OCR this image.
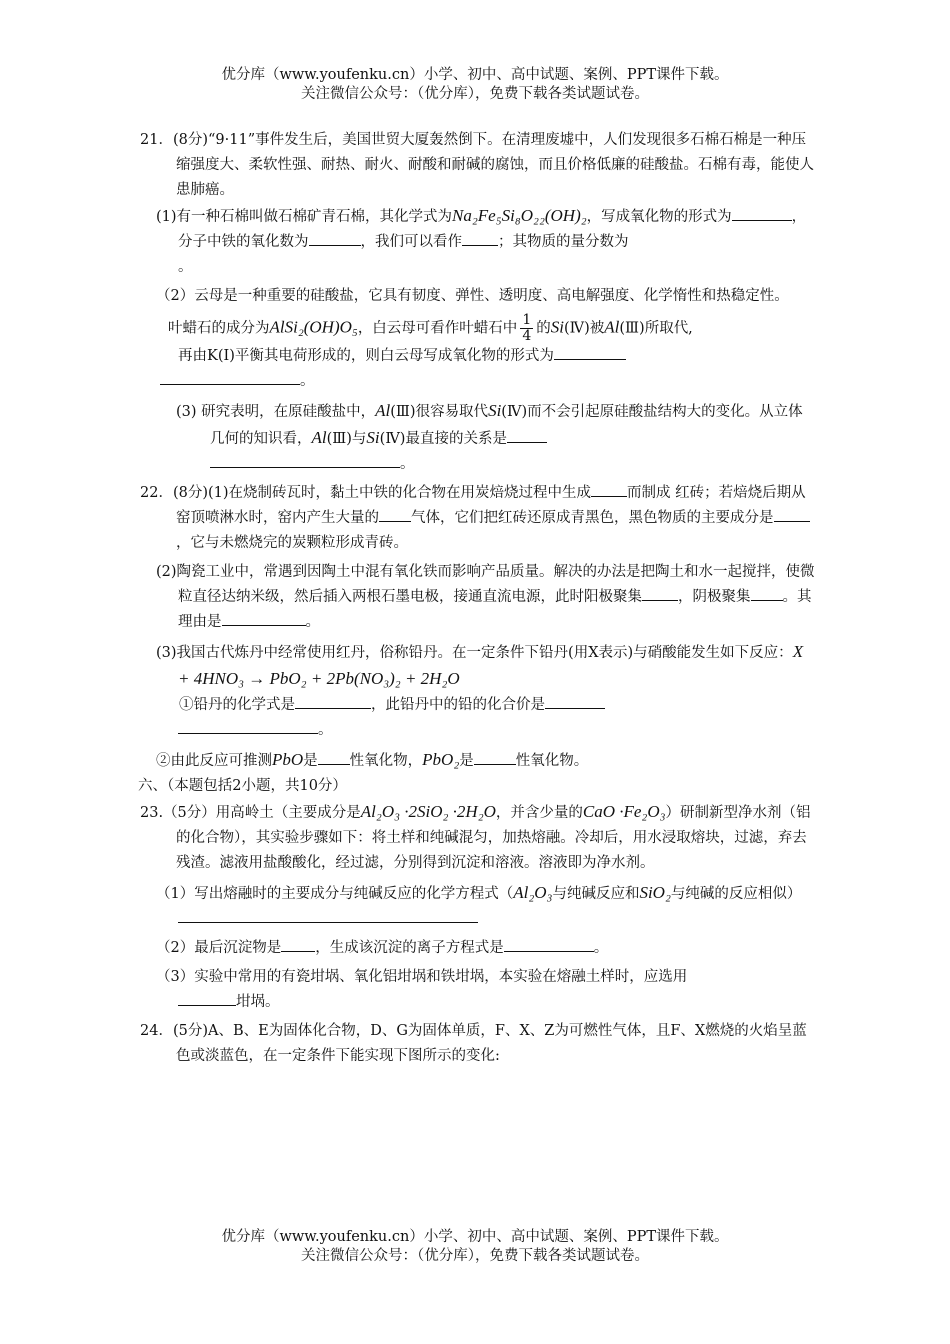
优分库（www.youfenku.cn）小学、初中、高中试题、案例、PPT课件下载。
关注微信公众号：（优分库），免费下载各类试题试卷。

21．(8分)“9·11”事件发生后，美国世贸大厦轰然倒下。在清理废墟中，人们发现很多石棉石棉是一种压缩强度大、柔软性强、耐热、耐火、耐酸和耐碱的腐蚀，而且价格低廉的硅酸盐。石棉有毒，能使人患肺癌。

(1)有一种石棉叫做石棉矿青石棉，其化学式为Na₂Fe₅Si₈O₂₂(OH)₂，写成氧化物的形式为	，分子中铁的氧化数为	，我们可以看作 ；其物质的量分数为
。

（2）云母是一种重要的硅酸盐，它具有韧度、弹性、透明度、高电解强度、化学惰性和热稳定性。

叶蜡石的成分为AlSi₂(OH)O₅，白云母可看作叶蜡石中 $\frac{1}{4}$ 的Si(Ⅳ)被Al(Ⅲ)所取代,

再由K(Ⅰ)平衡其电荷形成的，则白云母写成氧化物的形式为

。

(3) 研究表明，在原硅酸盐中，Al(Ⅲ)很容易取代Si(Ⅳ)而不会引起原硅酸盐结构大的变化。从立体几何的知识看，Al(Ⅲ)与Si(Ⅳ)最直接的关系是
。

22．(8分)(1)在烧制砖瓦时，黏土中铁的化合物在用炭焙烧过程中生成 而制成 红砖；若焙烧后期从窑顶喷淋水时，窑内产生大量的 气体，它们把红砖还原成青黑色，黑色物质的主要成分是，它与未燃烧完的炭颗粒形成青砖。

(2)陶瓷工业中，常遇到因陶土中混有氧化铁而影响产品质量。解决的办法是把陶土和水一起搅拌，使微粒直径达纳米级，然后插入两根石墨电极，接通直流电源，此时阳极聚集 ，阴极聚集 。其理由是	。

(3)我国古代炼丹中经常使用红丹，俗称铅丹。在一定条件下铅丹(用X表示)与硝酸能发生如下反应：X + 4HNO₃ → PbO₂ + 2Pb(NO₃)₂ + 2H₂O

①铅丹的化学式是	，此铅丹中的铅的化合价是
。

②由此反应可推测PbO是 性氧化物，PbO₂是	性氧化物。

六、（本题包括2小题，共10分）

23.（5分）用高岭土（主要成分是Al₂O₃ ·2SiO₂ ·2H₂O，并含少量的CaO ·Fe₂O₃）研制新型净水剂（铝的化合物），其实验步骤如下：将土样和纯碱混匀，加热熔融。冷却后，用水浸取熔块，过滤，弃去残渣。滤液用盐酸酸化，经过滤，分别得到沉淀和溶液。溶液即为净水剂。

（1）写出熔融时的主要成分与纯碱反应的化学方程式（Al₂O₃与纯碱反应和SiO₂与纯碱的反应相似）

（2）最后沉淀物是 ，生成该沉淀的离子方程式是	。

（3）实验中常用的有瓷坩埚、氧化铝坩埚和铁坩埚，本实验在熔融土样时，应选用
坩埚。

24．(5分)A、B、E为固体化合物，D、G为固体单质，F、X、Z为可燃性气体，且F、X燃烧的火焰呈蓝色或淡蓝色，在一定条件下能实现下图所示的变化:

优分库（www.youfenku.cn）小学、初中、高中试题、案例、PPT课件下载。
关注微信公众号：（优分库），免费下载各类试题试卷。
